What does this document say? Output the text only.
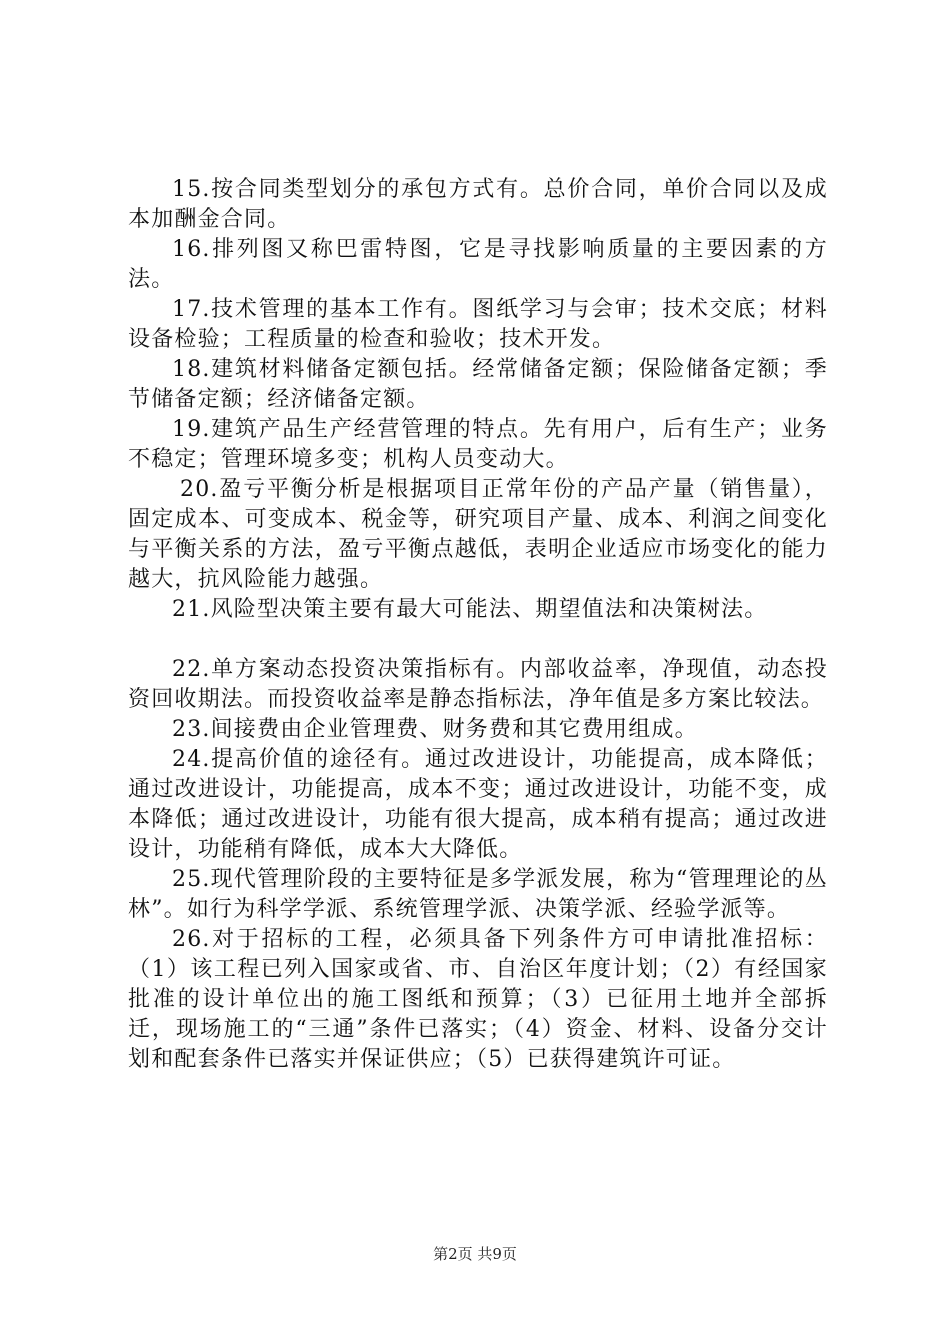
15.按合同类型划分的承包方式有。总价合同，单价合同以及成本加酬金合同。

16.排列图又称巴雷特图，它是寻找影响质量的主要因素的方法。

17.技术管理的基本工作有。图纸学习与会审；技术交底；材料设备检验；工程质量的检查和验收；技术开发。

18.建筑材料储备定额包括。经常储备定额；保险储备定额；季节储备定额；经济储备定额。

19.建筑产品生产经营管理的特点。先有用户，后有生产；业务不稳定；管理环境多变；机构人员变动大。

20.盈亏平衡分析是根据项目正常年份的产品产量（销售量），固定成本、可变成本、税金等，研究项目产量、成本、利润之间变化与平衡关系的方法，盈亏平衡点越低，表明企业适应市场变化的能力越大，抗风险能力越强。

21.风险型决策主要有最大可能法、期望值法和决策树法。

22.单方案动态投资决策指标有。内部收益率，净现值，动态投资回收期法。而投资收益率是静态指标法，净年值是多方案比较法。

23.间接费由企业管理费、财务费和其它费用组成。

24.提高价值的途径有。通过改进设计，功能提高，成本降低；通过改进设计，功能提高，成本不变；通过改进设计，功能不变，成本降低；通过改进设计，功能有很大提高，成本稍有提高；通过改进设计，功能稍有降低，成本大大降低。

25.现代管理阶段的主要特征是多学派发展，称为“管理理论的丛林”。如行为科学学派、系统管理学派、决策学派、经验学派等。

26.对于招标的工程，必须具备下列条件方可申请批准招标：（1）该工程已列入国家或省、市、自治区年度计划；（2）有经国家批准的设计单位出的施工图纸和预算；（3）已征用土地并全部拆迁，现场施工的“三通”条件已落实；（4）资金、材料、设备分交计划和配套条件已落实并保证供应；（5）已获得建筑许可证。

第2页 共9页
